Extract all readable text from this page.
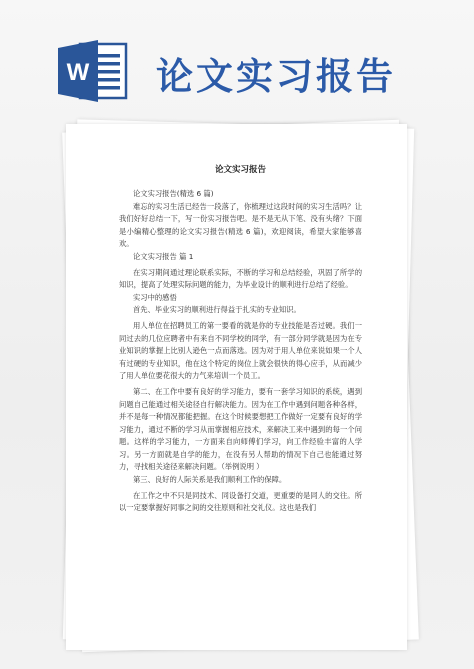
W 论文实习报告
论文实习报告

论文实习报告(精选 6 篇)

难忘的实习生活已经告一段落了，你梳理过这段时间的实习生活吗？让我们好好总结一下，写一份实习报告吧。是不是无从下笔、没有头绪？下面是小编精心整理的论文实习报告(精选 6 篇)，欢迎阅读，希望大家能够喜欢。

论文实习报告 篇 1

在实习期间通过理论联系实际，不断的学习和总结经验，巩固了所学的知识，提高了处理实际问题的能力，为毕业设计的顺利进行总结了经验。

实习中的感悟

首先、毕业实习的顺利进行得益于扎实的专业知识。

用人单位在招聘员工的第一要看的就是你的专业技能是否过硬。我们一同过去的几位应聘者中有来自不同学校的同学，有一部分同学就是因为在专业知识的掌握上比别人逊色一点而落选。因为对于用人单位来说如果一个人有过硬的专业知识，他在这个特定的岗位上就会很快的得心应手，从而减少了用人单位要花很大的力气来培训一个员工。

第二、在工作中要有良好的学习能力，要有一套学习知识的系统，遇到问题自己能通过相关途径自行解决能力。因为在工作中遇到问题各种各样，并不是每一种情况都能把握。在这个时候要想把工作做好一定要有良好的学习能力，通过不断的学习从而掌握相应技术，来解决工来中遇到的每一个问题。这样的学习能力，一方面来自向师傅们学习，向工作经验丰富的人学习。另一方面就是自学的能力，在没有另人帮助的情况下自己也能通过努力，寻找相关途径来解决问题。（举例说明 ）

第三、良好的人际关系是我们顺利工作的保障。

在工作之中不只是同技术、同设备打交道，更重要的是同人的交往。所以一定要掌握好同事之间的交往原则和社交礼仪。这也是我们
